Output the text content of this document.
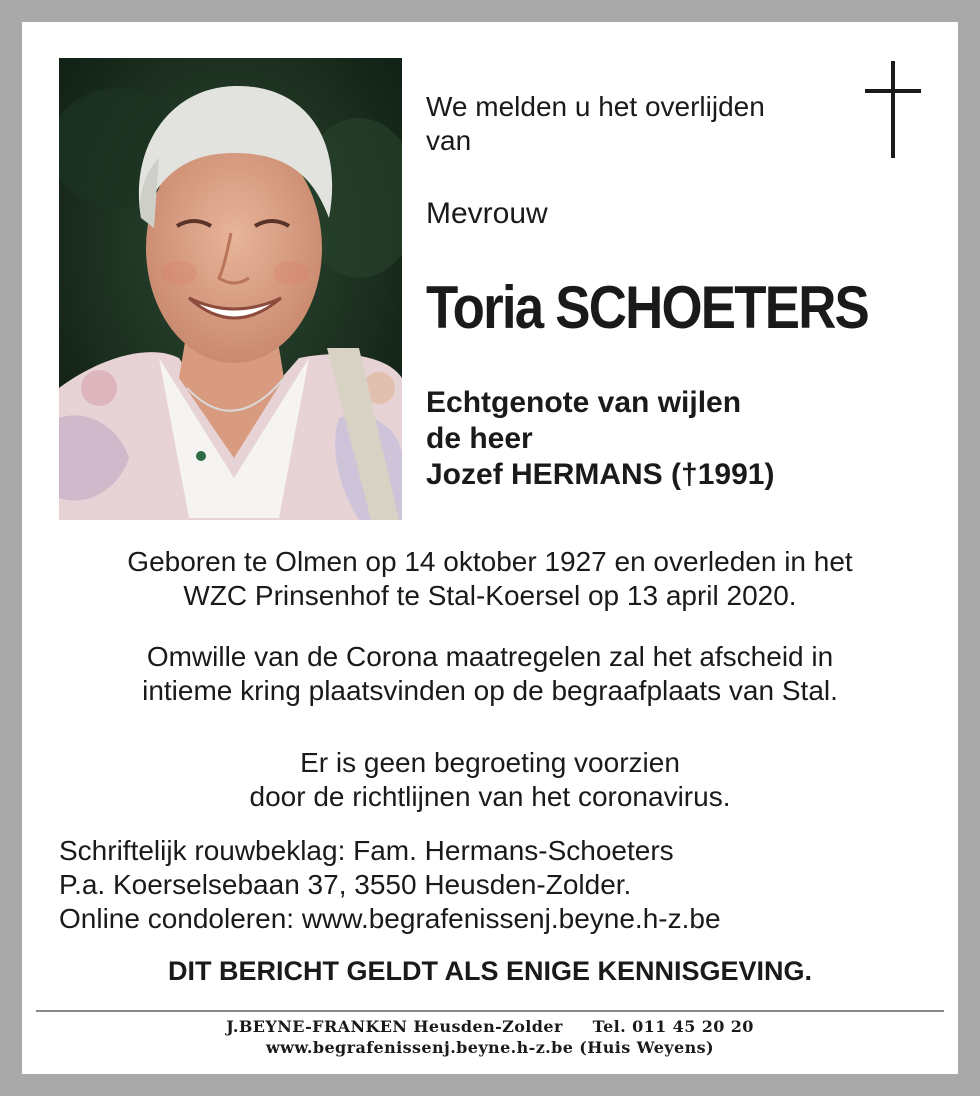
We melden u het overlijden
van

Mevrouw

Toria SCHOETERS

Echtgenote van wijlen
de heer
Jozef HERMANS (†1991)

Geboren te Olmen op 14 oktober 1927 en overleden in het
WZC Prinsenhof te Stal-Koersel op 13 april 2020.

Omwille van de Corona maatregelen zal het afscheid in
intieme kring plaatsvinden op de begraafplaats van Stal.

Er is geen begroeting voorzien
door de richtlijnen van het coronavirus.

Schriftelijk rouwbeklag: Fam. Hermans-Schoeters
P.a. Koerselsebaan 37, 3550 Heusden-Zolder.
Online condoleren: www.begrafenissenj.beyne.h-z.be

DIT BERICHT GELDT ALS ENIGE KENNISGEVING.

J.BEYNE-FRANKEN Heusden-Zolder     Tel. 011 45 20 20
www.begrafenissenj.beyne.h-z.be (Huis Weyens)
